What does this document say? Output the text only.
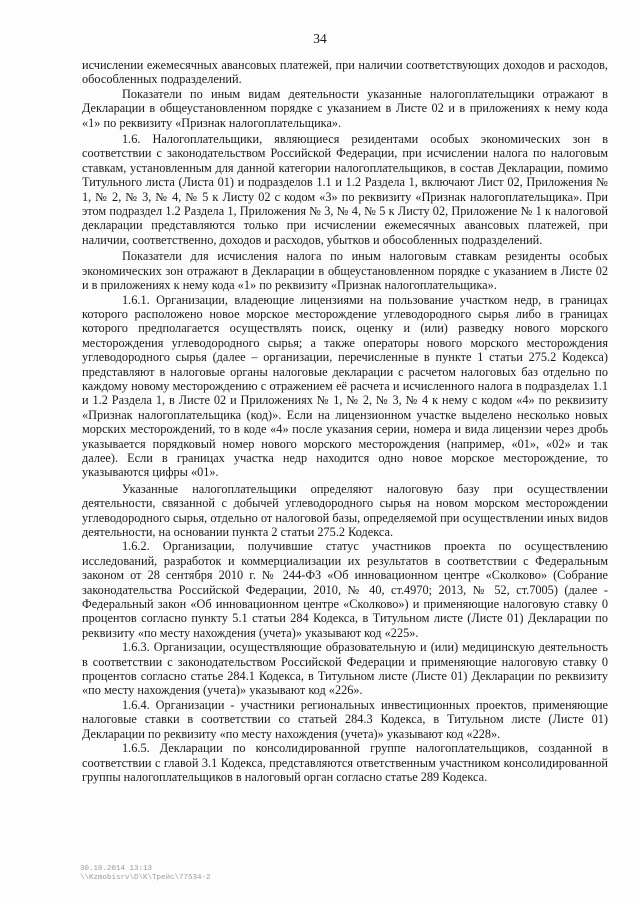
34

исчислении ежемесячных авансовых платежей, при наличии соответствующих доходов и расходов, обособленных подразделений.

Показатели по иным видам деятельности указанные налогоплательщики отражают в Декларации в общеустановленном порядке с указанием в Листе 02 и в приложениях к нему кода «1» по реквизиту «Признак налогоплательщика».

1.6. Налогоплательщики, являющиеся резидентами особых экономических зон в соответствии с законодательством Российской Федерации, при исчислении налога по налоговым ставкам, установленным для данной категории налогоплательщиков, в состав Декларации, помимо Титульного листа (Листа 01) и подразделов 1.1 и 1.2 Раздела 1, включают Лист 02, Приложения № 1, № 2, № 3, № 4, № 5 к Листу 02 с кодом «3» по реквизиту «Признак налогоплательщика». При этом подраздел 1.2 Раздела 1, Приложения № 3, № 4, № 5 к Листу 02, Приложение № 1 к налоговой декларации представляются только при исчислении ежемесячных авансовых платежей, при наличии, соответственно, доходов и расходов, убытков и обособленных подразделений.

Показатели для исчисления налога по иным налоговым ставкам резиденты особых экономических зон отражают в Декларации в общеустановленном порядке с указанием в Листе 02 и в приложениях к нему кода «1» по реквизиту «Признак налогоплательщика».

1.6.1. Организации, владеющие лицензиями на пользование участком недр, в границах которого расположено новое морское месторождение углеводородного сырья либо в границах которого предполагается осуществлять поиск, оценку и (или) разведку нового морского месторождения углеводородного сырья; а также операторы нового морского месторождения углеводородного сырья (далее – организации, перечисленные в пункте 1 статьи 275.2 Кодекса) представляют в налоговые органы налоговые декларации с расчетом налоговых баз отдельно по каждому новому месторождению с отражением её расчета и исчисленного налога в подразделах 1.1 и 1.2 Раздела 1, в Листе 02 и Приложениях № 1, № 2, № 3, № 4 к нему с кодом «4» по реквизиту «Признак налогоплательщика (код)». Если на лицензионном участке выделено несколько новых морских месторождений, то в коде «4» после указания серии, номера и вида лицензии через дробь указывается порядковый номер нового морского месторождения (например, «01», «02» и так далее). Если в границах участка недр находится одно новое морское месторождение, то указываются цифры «01».

Указанные налогоплательщики определяют налоговую базу при осуществлении деятельности, связанной с добычей углеводородного сырья на новом морском месторождении углеводородного сырья, отдельно от налоговой базы, определяемой при осуществлении иных видов деятельности, на основании пункта 2 статьи 275.2 Кодекса.

1.6.2. Организации, получившие статус участников проекта по осуществлению исследований, разработок и коммерциализации их результатов в соответствии с Федеральным законом от 28 сентября 2010 г. № 244-ФЗ «Об инновационном центре «Сколково» (Собрание законодательства Российской Федерации, 2010, № 40, ст.4970; 2013, № 52, ст.7005) (далее - Федеральный закон «Об инновационном центре «Сколково») и применяющие налоговую ставку 0 процентов согласно пункту 5.1 статьи 284 Кодекса, в Титульном листе (Листе 01) Декларации по реквизиту «по месту нахождения (учета)» указывают код «225».

1.6.3. Организации, осуществляющие образовательную и (или) медицинскую деятельность в соответствии с законодательством Российской Федерации и применяющие налоговую ставку 0 процентов согласно статье 284.1 Кодекса, в Титульном листе (Листе 01) Декларации по реквизиту «по месту нахождения (учета)» указывают код «226».

1.6.4. Организации - участники региональных инвестиционных проектов, применяющие налоговые ставки в соответствии со статьей 284.3 Кодекса, в Титульном листе (Листе 01) Декларации по реквизиту «по месту нахождения (учета)» указывают код «228».

1.6.5. Декларации по консолидированной группе налогоплательщиков, созданной в соответствии с главой 3.1 Кодекса, представляются ответственным участником консолидированной группы налогоплательщиков в налоговый орган согласно статье 289 Кодекса.

30.10.2014 13:13
\\Kzmobisrv\D\K\Трейс\77534-2
